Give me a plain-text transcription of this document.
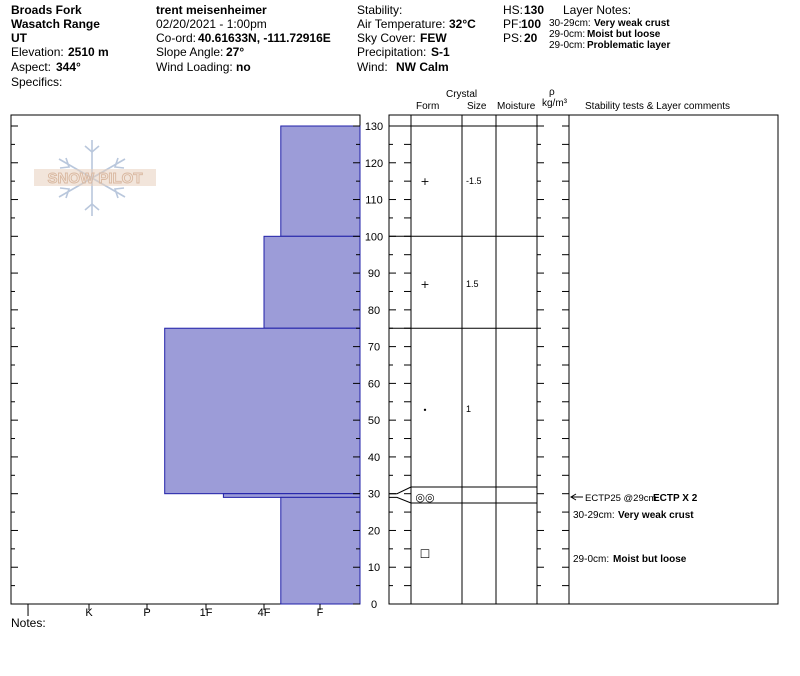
Broads Fork
Wasatch Range
UT
Elevation: 2510 m
Aspect: 344°
Specifics:
trent meisenheimer
02/20/2021 - 1:00pm
Co-ord: 40.61633N, -111.72916E
Slope Angle: 27°
Wind Loading: no
Stability:
Air Temperature: 32°C
Sky Cover: FEW
Precipitation: S-1
Wind: NW Calm
HS: 130
PF: 100
PS: 20
Layer Notes:
30-29cm: Very weak crust
29-0cm: Moist but loose
29-0cm: Problematic layer
Crystal
Form	Size Moisture
ρ
kg/m³ Stability tests & Layer comments
Notes:
SNOW PILOT
I	K	P	1F	4F	F
0
10
20
30
40
50
60
70
80
90
100
110
120
130
+	-1.5
+	1.5
•	1
◎◎
□
ECTP25 @29cm
ECTP X 2
30-29cm: Very weak crust
29-0cm: Moist but loose
